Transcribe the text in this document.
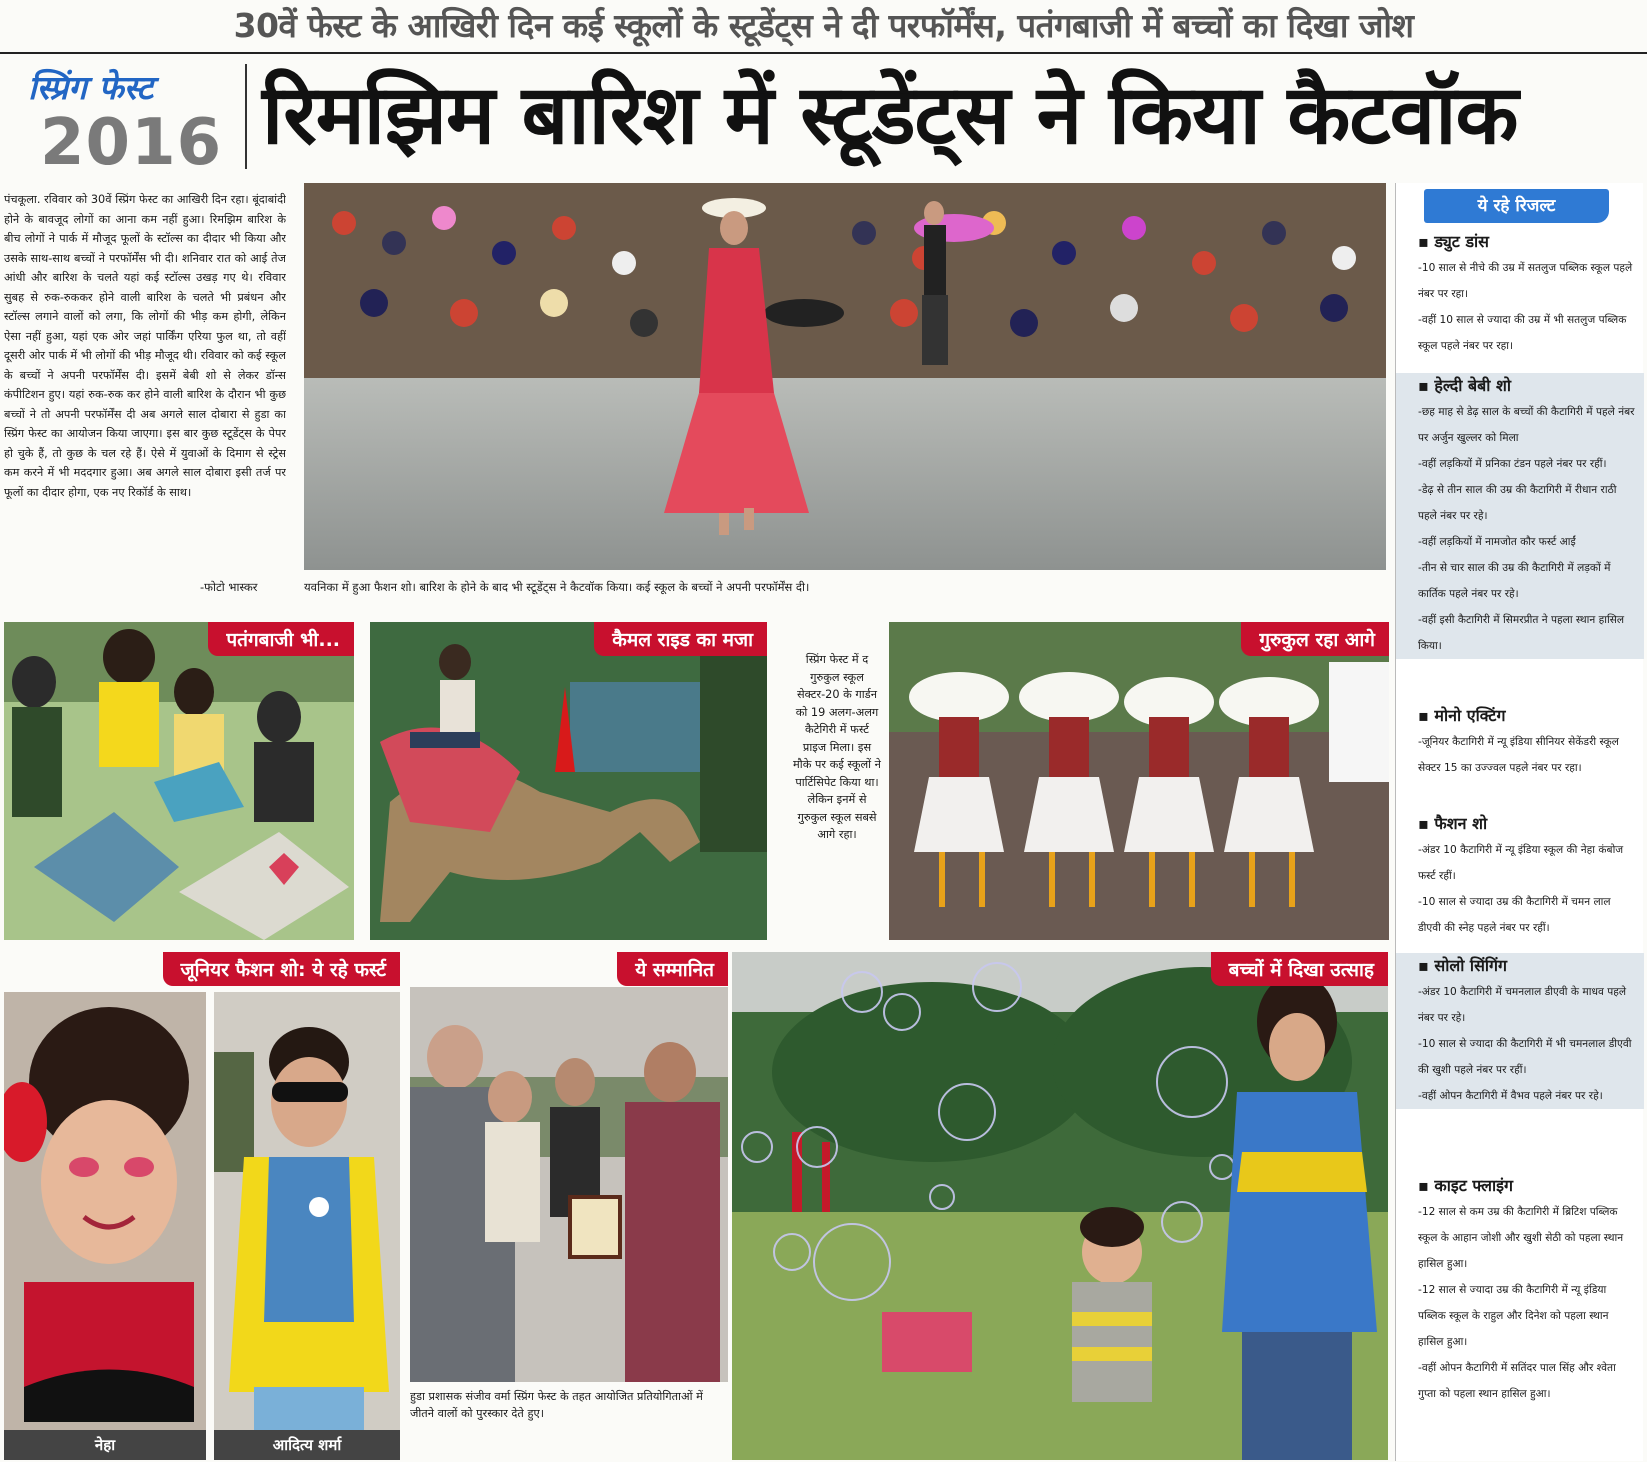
30वें फेस्ट के आखिरी दिन कई स्कूलों के स्टूडेंट्स ने दी परफॉर्मेंस, पतंगबाजी में बच्चों का दिखा जोश
स्प्रिंग फेस्ट
2016 रिमझिम बारिश में स्टूडेंट्स ने किया कैटवॉक
पंचकूला. रविवार को 30वें स्प्रिंग फेस्ट का आखिरी दिन रहा। बूंदाबांदी होने के बावजूद लोगों का आना कम नहीं हुआ। रिमझिम बारिश के बीच लोगों ने पार्क में मौजूद फूलों के स्टॉल्स का दीदार भी किया और उसके साथ-साथ बच्चों ने परफॉर्मेंस भी दी। शनिवार रात को आई तेज आंधी और बारिश के चलते यहां कई स्टॉल्स उखड़ गए थे। रविवार सुबह से रुक-रुककर होने वाली बारिश के चलते भी प्रबंधन और स्टॉल्स लगाने वालों को लगा, कि लोगों की भीड़ कम होगी, लेकिन ऐसा नहीं हुआ, यहां एक ओर जहां पार्किंग एरिया फुल था, तो वहीं दूसरी ओर पार्क में भी लोगों की भीड़ मौजूद थी। रविवार को कई स्कूल के बच्चों ने अपनी परफॉर्मेंस दी। इसमें बेबी शो से लेकर डॉन्स कंपीटिशन हुए। यहां रुक-रुक कर होने वाली बारिश के दौरान भी कुछ बच्चों ने तो अपनी परफॉर्मेंस दी अब अगले साल दोबारा से हुडा का स्प्रिंग फेस्ट का आयोजन किया जाएगा। इस बार कुछ स्टूडेंट्स के पेपर हो चुके हैं, तो कुछ के चल रहे हैं। ऐसे में युवाओं के दिमाग से स्ट्रेस कम करने में भी मददगार हुआ। अब अगले साल दोबारा इसी तर्ज पर फूलों का दीदार होगा, एक नए रिकॉर्ड के साथ।
-फोटो भास्कर	यवनिका में हुआ फैशन शो। बारिश के होने के बाद भी स्टूडेंट्स ने कैटवॉक किया। कई स्कूल के बच्चों ने अपनी परफॉर्मेंस दी।
पतंगबाजी भी...	कैमल राइड का मजा
स्प्रिंग फेस्ट में द गुरुकुल स्कूल सेक्टर-20 के गार्डन को 19 अलग-अलग कैटेगिरी में फर्स्ट प्राइज मिला। इस मौके पर कई स्कूलों ने पार्टिसिपेट किया था। लेकिन इनमें से गुरुकुल स्कूल सबसे आगे रहा।
गुरुकुल रहा आगे
नेहा	आदित्य शर्मा
जूनियर फैशन शो: ये रहे फर्स्ट	ये सम्मानित
हुडा प्रशासक संजीव वर्मा स्प्रिंग फेस्ट के तहत आयोजित प्रतियोगिताओं में जीतने वालों को पुरस्कार देते हुए।
बच्चों में दिखा उत्साह
ये रहे रिजल्ट

▪ ड्युट डांस

-10 साल से नीचे की उम्र में सतलुज पब्लिक स्कूल पहले नंबर पर रहा।

-वहीं 10 साल से ज्यादा की उम्र में भी सतलुज पब्लिक स्कूल पहले नंबर पर रहा।

▪ हेल्दी बेबी शो

-छह माह से डेढ़ साल के बच्चों की कैटागिरी में पहले नंबर पर अर्जुन खुल्लर को मिला

-वहीं लड़कियों में प्रनिका टंडन पहले नंबर पर रहीं।

-डेढ़ से तीन साल की उम्र की कैटागिरी में रीधान राठी पहले नंबर पर रहे।

-वहीं लड़कियों में नामजोत कौर फर्स्ट आईं

-तीन से चार साल की उम्र की कैटागिरी में लड़कों में कार्तिक पहले नंबर पर रहे।

-वहीं इसी कैटागिरी में सिमरप्रीत ने पहला स्थान हासिल किया।

▪ मोनो एक्टिंग

-जूनियर कैटागिरी में न्यू इंडिया सीनियर सेकेंडरी स्कूल सेक्टर 15 का उज्ज्वल पहले नंबर पर रहा।

▪ फैशन शो

-अंडर 10 कैटागिरी में न्यू इंडिया स्कूल की नेहा कंबोज फर्स्ट रहीं।

-10 साल से ज्यादा उम्र की कैटागिरी में चमन लाल डीएवी की स्नेह पहले नंबर पर रहीं।

▪ सोलो सिंगिंग

-अंडर 10 कैटागिरी में चमनलाल डीएवी के माधव पहले नंबर पर रहे।

-10 साल से ज्यादा की कैटागिरी में भी चमनलाल डीएवी की खुशी पहले नंबर पर रहीं।

-वहीं ओपन कैटागिरी में वैभव पहले नंबर पर रहे।

▪ काइट फ्लाइंग

-12 साल से कम उम्र की कैटागिरी में ब्रिटिश पब्लिक स्कूल के आहान जोशी और खुशी सेठी को पहला स्थान हासिल हुआ।

-12 साल से ज्यादा उम्र की कैटागिरी में न्यू इंडिया पब्लिक स्कूल के राहुल और दिनेश को पहला स्थान हासिल हुआ।

-वहीं ओपन कैटागिरी में सतिंदर पाल सिंह और श्वेता गुप्ता को पहला स्थान हासिल हुआ।
